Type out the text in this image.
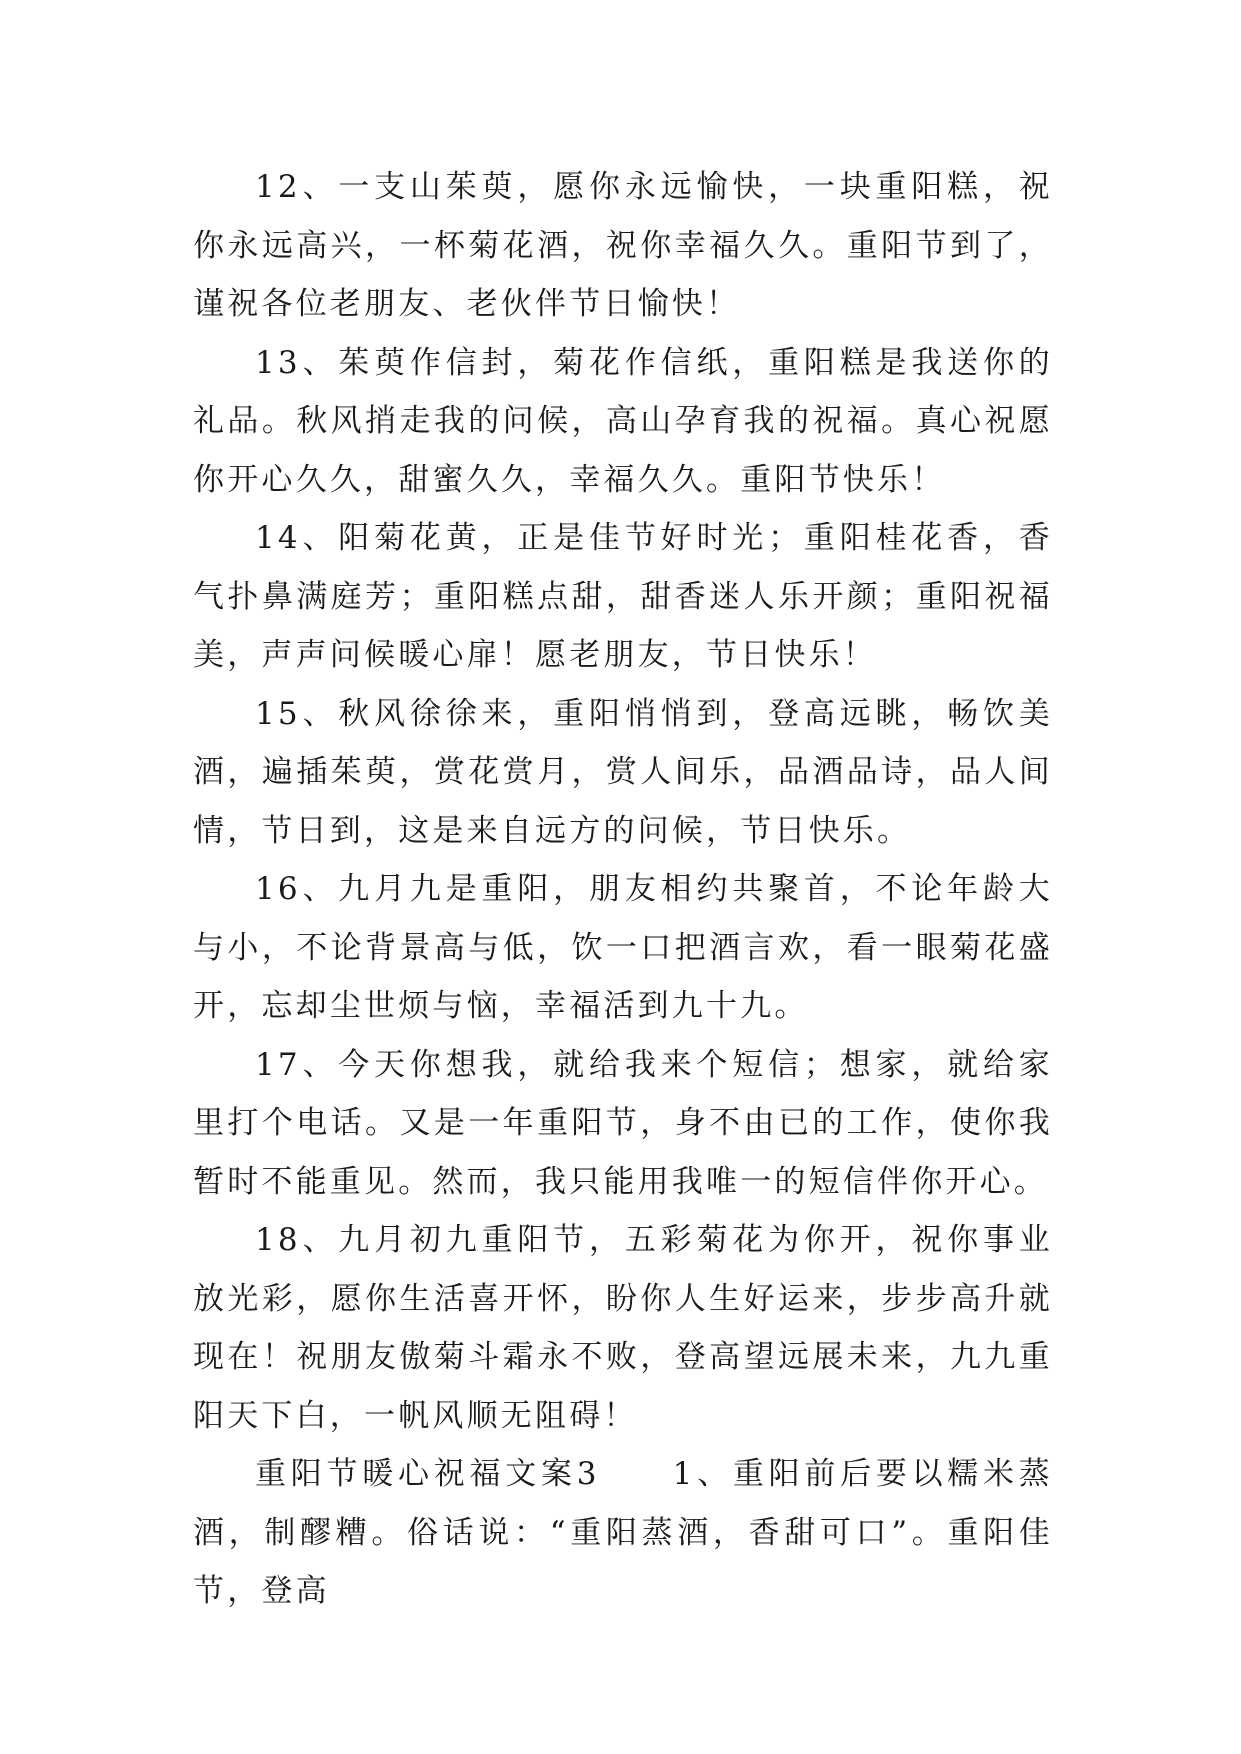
12、一支山茱萸，愿你永远愉快，一块重阳糕，祝你永远高兴，一杯菊花酒，祝你幸福久久。重阳节到了，谨祝各位老朋友、老伙伴节日愉快！

13、茱萸作信封，菊花作信纸，重阳糕是我送你的礼品。秋风捎走我的问候，高山孕育我的祝福。真心祝愿你开心久久，甜蜜久久，幸福久久。重阳节快乐！

14、阳菊花黄，正是佳节好时光；重阳桂花香，香气扑鼻满庭芳；重阳糕点甜，甜香迷人乐开颜；重阳祝福美，声声问候暖心扉！愿老朋友，节日快乐！

15、秋风徐徐来，重阳悄悄到，登高远眺，畅饮美酒，遍插茱萸，赏花赏月，赏人间乐，品酒品诗，品人间情，节日到，这是来自远方的问候，节日快乐。

16、九月九是重阳，朋友相约共聚首，不论年龄大与小，不论背景高与低，饮一口把酒言欢，看一眼菊花盛开，忘却尘世烦与恼，幸福活到九十九。

17、今天你想我，就给我来个短信；想家，就给家里打个电话。又是一年重阳节，身不由已的工作，使你我暂时不能重见。然而，我只能用我唯一的短信伴你开心。

18、九月初九重阳节，五彩菊花为你开，祝你事业放光彩，愿你生活喜开怀，盼你人生好运来，步步高升就现在！祝朋友傲菊斗霜永不败，登高望远展未来，九九重阳天下白，一帆风顺无阻碍！

重阳节暖心祝福文案3　　1、重阳前后要以糯米蒸酒，制醪糟。俗话说：“重阳蒸酒，香甜可口”。重阳佳节，登高
